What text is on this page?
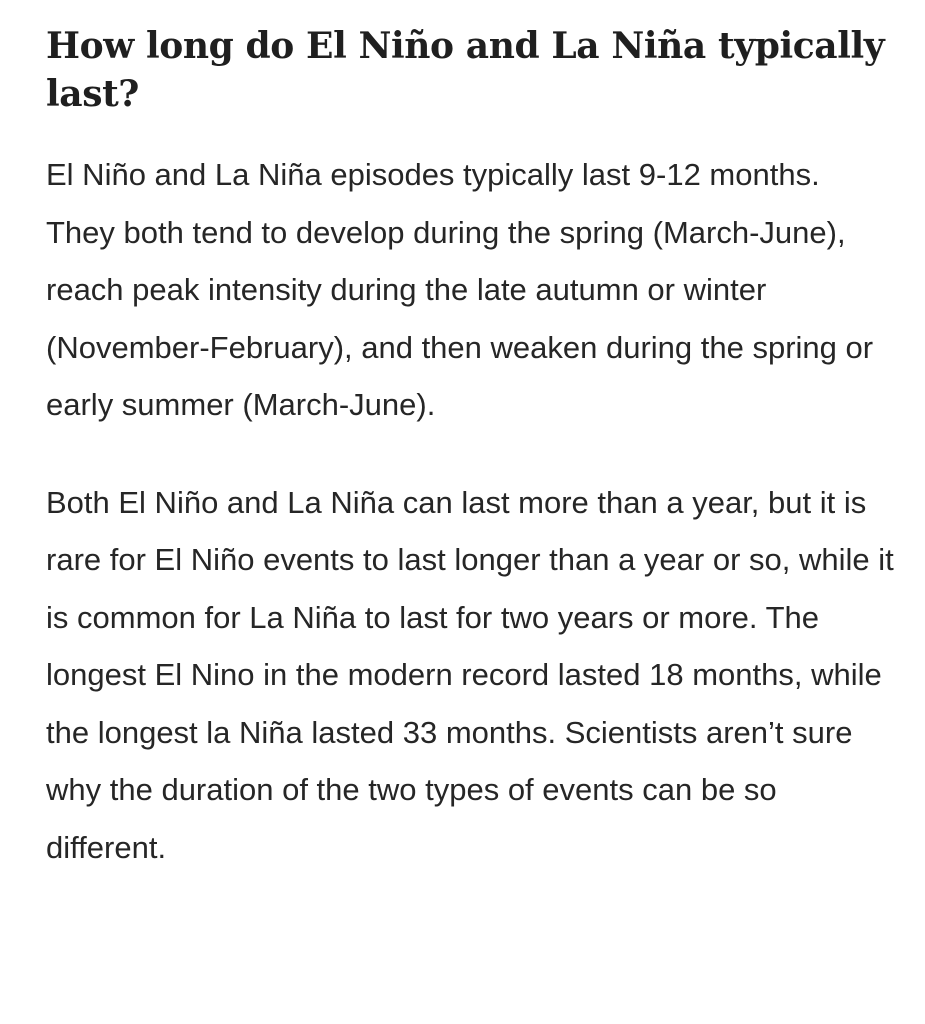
How long do El Niño and La Niña typically last?

El Niño and La Niña episodes typically last 9-12 months. They both tend to develop during the spring (March-June), reach peak intensity during the late autumn or winter (November-February), and then weaken during the spring or early summer (March-June).

Both El Niño and La Niña can last more than a year, but it is rare for El Niño events to last longer than a year or so, while it is common for La Niña to last for two years or more. The longest El Nino in the modern record lasted 18 months, while the longest la Niña lasted 33 months. Scientists aren’t sure why the duration of the two types of events can be so different.
